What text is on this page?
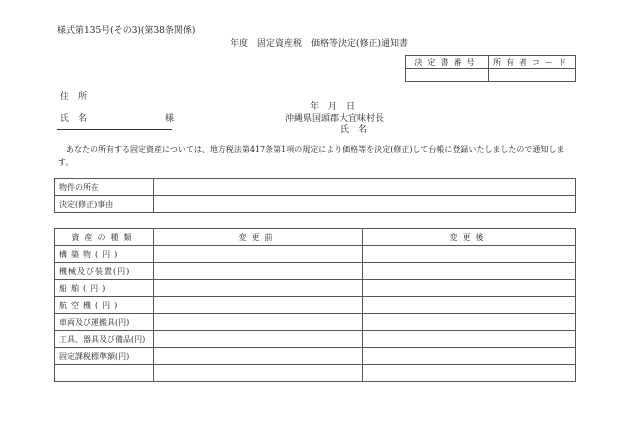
様式第135号(その3)(第38条関係)
年度　固定資産税　価格等決定(修正)通知書
決定書番号	所有者コード

住　所
氏　名	様
年　月　日
沖縄県国頭郡大宜味村長
氏　名
あなたの所有する固定資産については、地方税法第417条第1項の規定により価格等を決定(修正)して台帳に登録いたしましたので通知します。
物件の所在	
決定(修正)事由	
資産の種類	変更前	変更後
構築物(円)		
機械及び装置(円)		
船舶(円)		
航空機(円)		
車両及び運搬具(円)		
工具、器具及び備品(円)		
固定課税標準額(円)		
